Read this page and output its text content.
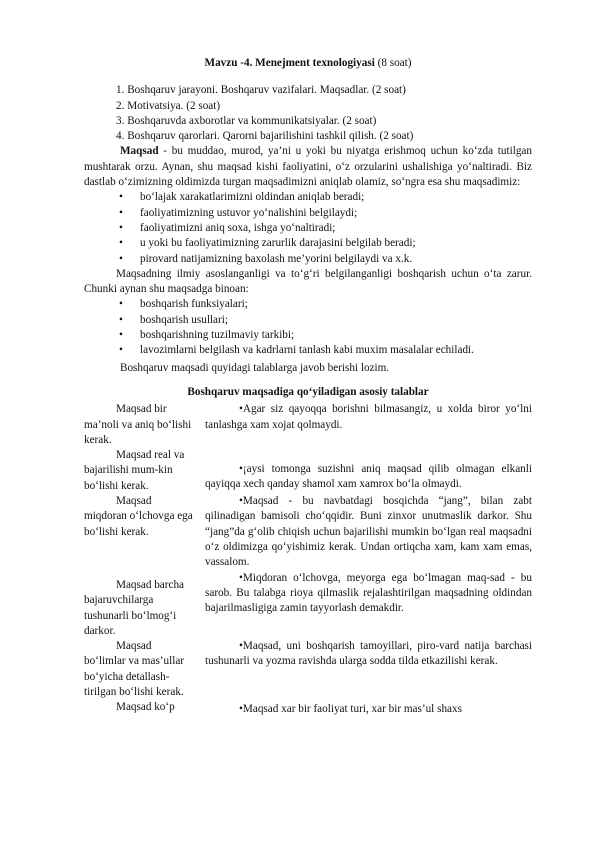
Mavzu -4. Menejment texnologiyasi (8 soat)
1. Boshqaruv jarayoni. Boshqaruv vazifalari. Maqsadlar. (2 soat)
2. Motivatsiya. (2 soat)
3. Boshqaruvda axborotlar va kommunikatsiyalar. (2 soat)
4. Boshqaruv qarorlari. Qarorni bajarilishini tashkil qilish. (2 soat)

Maqsad - bu muddao, murod, ya’ni u yoki bu niyatga erishmoq uchun ko‘zda tutilgan mushtarak orzu. Aynan, shu maqsad kishi faoliyatini, o‘z orzularini ushalishiga yo‘naltiradi. Biz dastlab o‘zimizning oldimizda turgan maqsadimizni aniqlab olamiz, so‘ngra esa shu maqsadimiz:

• bo‘lajak xarakatlarimizni oldindan aniqlab beradi;
• faoliyatimizning ustuvor yo‘nalishini belgilaydi;
• faoliyatimizni aniq soxa, ishga yo‘naltiradi;
• u yoki bu faoliyatimizning zarurlik darajasini belgilab beradi;
• pirovard natijamizning baxolash me’yorini belgilaydi va x.k.

Maqsadning ilmiy asoslanganligi va to‘g‘ri belgilanganligi boshqarish uchun o‘ta zarur. Chunki aynan shu maqsadga binoan:

• boshqarish funksiyalari;
• boshqarish usullari;
• boshqarishning tuzilmaviy tarkibi;

• lavozimlarni belgilash va kadrlarni tanlash kabi muxim masalalar echiladi.

Boshqaruv maqsadi quyidagi talablarga javob berishi lozim.

Boshqaruv maqsadiga qo‘yiladigan asosiy talablar

Maqsad bir ma’noli va aniq bo‘lishi kerak.

•Agar siz qayoqqa borishni bilmasangiz, u xolda biror yo‘lni tanlashga xam xojat qolmaydi.

Maqsad real va bajarilishi mum-kin bo‘lishi kerak.

•¡aysi tomonga suzishni aniq maqsad qilib olmagan elkanli qayiqqa xech qanday shamol xam xamrox bo‘la olmaydi.

Maqsad miqdoran o‘lchovga ega bo‘lishi kerak.

Maqsad barcha bajaruvchilarga tushunarli bo‘lmog‘i darkor.

•Maqsad - bu navbatdagi bosqichda “jang”, bilan zabt qilinadigan bamisoli cho‘qqidir. Buni zinxor unutmaslik darkor. Shu “jang”da g‘olib chiqish uchun bajarilishi mumkin bo‘lgan real maqsadni o‘z oldimizga qo‘yishimiz kerak. Undan ortiqcha xam, kam xam emas, vassalom.

•Miqdoran o‘lchovga, meyorga ega bo‘lmagan maq-sad - bu sarob. Bu talabga rioya qilmaslik rejalashtirilgan maqsadning oldindan bajarilmasligiga zamin tayyorlash demakdir.

Maqsad bo‘limlar va mas’ullar bo‘yicha detallash-tirilgan bo‘lishi kerak.

•Maqsad, uni boshqarish tamoyillari, piro-vard natija barchasi tushunarli va yozma ravishda ularga sodda tilda etkazilishi kerak.

Maqsad ko‘p	•Maqsad xar bir faoliyat turi, xar bir mas’ul shaxs
